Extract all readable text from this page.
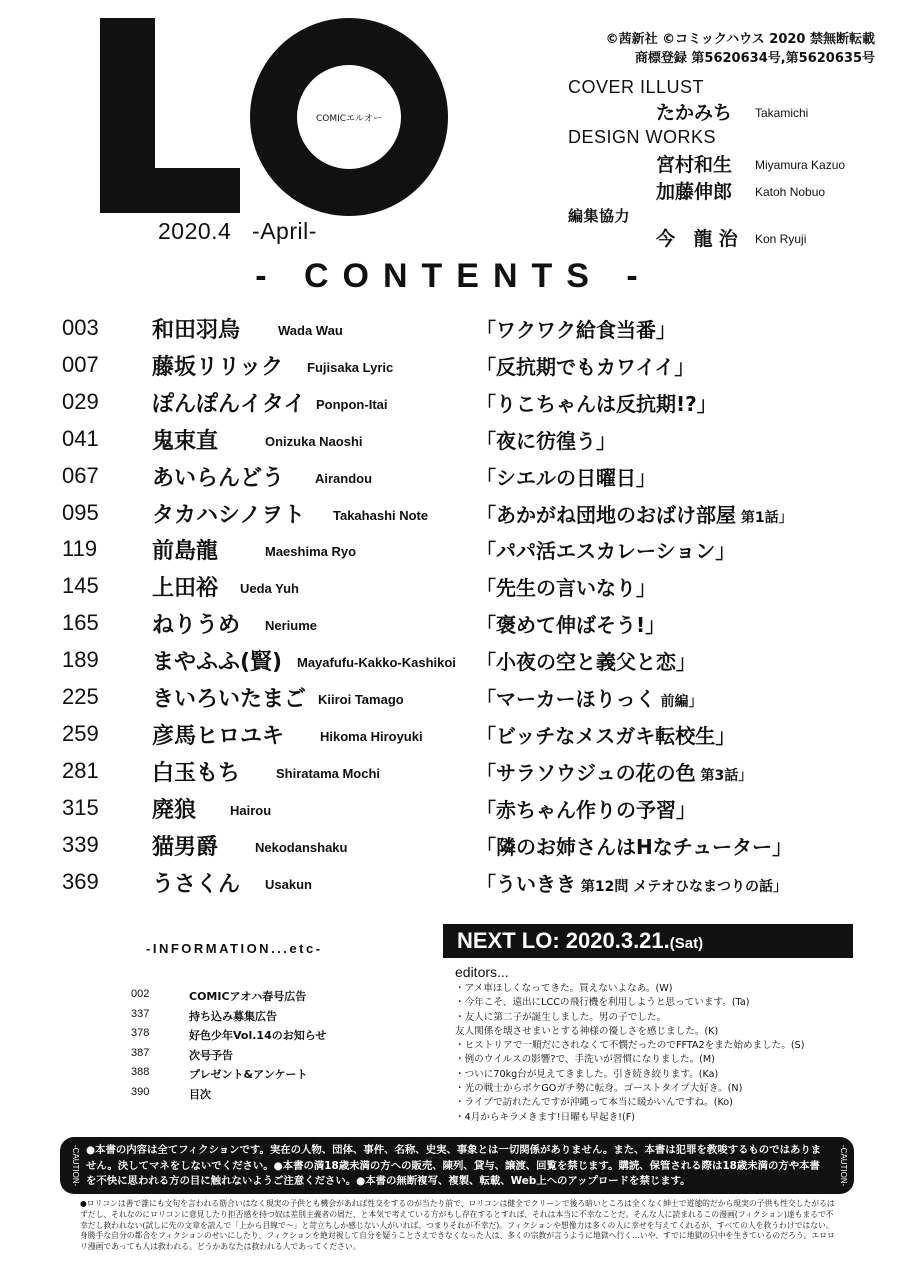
COMICエルオー
2020.4 -April-
©茜新社 ©コミックハウス 2020 禁無断転載
商標登録 第5620634号,第5620635号
COVER ILLUST
たかみち Takamichi
DESIGN WORKS
宮村和生 Miyamura Kazuo
加藤伸郎 Katoh Nobuo
編集協力
今 龍治 Kon Ryuji
- CONTENTS -
003 和田羽烏	Wada Wau	「ワクワク給食当番」
007 藤坂リリック Fujisaka Lyric	「反抗期でもカワイイ」
029 ぽんぽんイタイ Ponpon-Itai	「りこちゃんは反抗期!?」
041 鬼束直	Onizuka Naoshi	「夜に彷徨う」
067 あいらんどう Airandou	「シエルの日曜日」
095 タカハシノヲト Takahashi Note 「あかがね団地のおばけ部屋 第1話」
119 前島龍	Maeshima Ryo	「パパ活エスカレーション」
145 上田裕 Ueda Yuh	「先生の言いなり」
165 ねりうめ Neriume	「褒めて伸ばそう!」
189 まやふふ(賢) Mayafufu-Kakko-Kashikoi 「小夜の空と義父と恋」
225 きいろいたまご Kiiroi Tamago	「マーカーほりっく 前編」
259 彦馬ヒロユキ	Hikoma Hiroyuki	「ビッチなメスガキ転校生」
281 白玉もち	Shiratama Mochi	「サラソウジュの花の色 第3話」
315 廃狼	Hairou	「赤ちゃん作りの予習」
339 猫男爵	Nekodanshaku	「隣のお姉さんはHなチューター」
369 うさくん Usakun	「ういきき 第12問 メテオひなまつりの話」
-INFORMATION...etc-
002	COMICアオハ春号広告
337	持ち込み募集広告
378	好色少年Vol.14のお知らせ
387	次号予告
388	プレゼント&アンケート
390	目次
NEXT LO: 2020.3.21.(Sat)
editors...
・アメ車ほしくなってきた。買えないよなあ。(W)
・今年こそ、遠出にLCCの飛行機を利用しようと思っています。(Ta)
・友人に第二子が誕生しました。男の子でした。
友人関係を壊させまいとする神様の優しさを感じました。(K)
・ヒストリアで一順だにされなくて不憫だったのでFFTA2をまた始めました。(S)
・例のウイルスの影響?で、手洗いが習慣になりました。(M)
・ついに70kg台が見えてきました。引き続き絞ります。(Ka)
・光の戦士からポケGOガチ勢に転身。ゴーストタイプ大好き。(N)
・ライブで訪れたんですが沖縄って本当に暖かいんですね。(Ko)
・4月からキラメきます!日曜も早起き!(F)
-CAUTION- ●本書の内容は全てフィクションです。実在の人物、団体、事件、名称、史実、事象とは一切関係がありません。また、本書は犯罪を教唆するものではありません。決してマネをしないでください。●本書の満18歳未満の方への販売、陳列、貸与、譲渡、回覧を禁じます。購読、保管される際は18歳未満の方や本書を不快に思われる方の目に触れないようご注意ください。●本書の無断複写、複製、転載、Web上へのアップロードを禁じます。	-CAUTION-
●ロリコンは善で誰にも文句を言われる筋合いはなく現実の子供とも機会があれば性交をするのが当たり前で、ロリコンは健全でクリーンで後ろ暗いところは全くなく紳士で道徳的だから現実の子供も性交したがるはずだし、それなのにロリコンに意見したり拒否感を持つ奴は差別主義者の屑だ、と本気で考えている方がもし存在するとすれば、それは本当に不幸なことだ。そんな人に読まれるこの漫画(フィクション)達もまるで不幸だし救われない(試しに先の文章を読んで「上から目線で〜」と苛立ちしか感じない人がいれば、つまりそれが不幸だ)。フィクションや想像力は多くの人に幸せを与えてくれるが、すべての人を救うわけではない。身勝手な自分の都合をフィクションのせいにしたり、フィクションを絶対視して自分を疑うことさえできなくなった人は、多くの宗教が言うように地獄へ行く…いや、すでに地獄の只中を生きているのだろう。エロロリ漫画であっても人は救われる。どうかあなたは救われる人であってください。
